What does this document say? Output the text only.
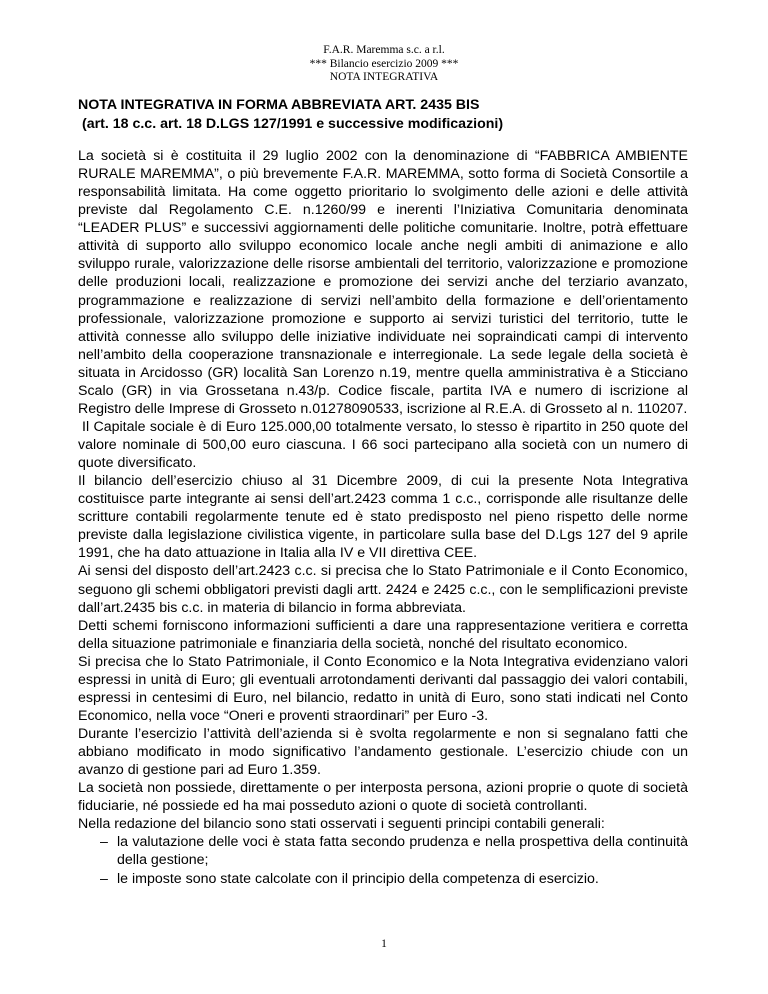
F.A.R. Maremma s.c. a r.l.
*** Bilancio esercizio 2009 ***
NOTA INTEGRATIVA
NOTA INTEGRATIVA IN FORMA ABBREVIATA ART. 2435 BIS
(art. 18 c.c. art. 18 D.LGS 127/1991 e successive modificazioni)

La società si è costituita il 29 luglio 2002 con la denominazione di “FABBRICA AMBIENTE RURALE MAREMMA”, o più brevemente F.A.R. MAREMMA, sotto forma di Società Consortile a responsabilità limitata. Ha come oggetto prioritario lo svolgimento delle azioni e delle attività previste dal Regolamento C.E. n.1260/99 e inerenti l’Iniziativa Comunitaria denominata “LEADER PLUS” e successivi aggiornamenti delle politiche comunitarie. Inoltre, potrà effettuare attività di supporto allo sviluppo economico locale anche negli ambiti di animazione e allo sviluppo rurale, valorizzazione delle risorse ambientali del territorio, valorizzazione e promozione delle produzioni locali, realizzazione e promozione dei servizi anche del terziario avanzato, programmazione e realizzazione di servizi nell’ambito della formazione e dell’orientamento professionale, valorizzazione promozione e supporto ai servizi turistici del territorio, tutte le attività connesse allo sviluppo delle iniziative individuate nei sopraindicati campi di intervento nell’ambito della cooperazione transnazionale e interregionale. La sede legale della società è situata in Arcidosso (GR) località San Lorenzo n.19, mentre quella amministrativa è a Sticciano Scalo (GR) in via Grossetana n.43/p. Codice fiscale, partita IVA e numero di iscrizione al Registro delle Imprese di Grosseto n.01278090533, iscrizione al R.E.A. di Grosseto al n. 110207.

Il Capitale sociale è di Euro 125.000,00 totalmente versato, lo stesso è ripartito in 250 quote del valore nominale di 500,00 euro ciascuna. I 66 soci partecipano alla società con un numero di quote diversificato.

Il bilancio dell’esercizio chiuso al 31 Dicembre 2009, di cui la presente Nota Integrativa costituisce parte integrante ai sensi dell’art.2423 comma 1 c.c., corrisponde alle risultanze delle scritture contabili regolarmente tenute ed è stato predisposto nel pieno rispetto delle norme previste dalla legislazione civilistica vigente, in particolare sulla base del D.Lgs 127 del 9 aprile 1991, che ha dato attuazione in Italia alla IV e VII direttiva CEE.

Ai sensi del disposto dell’art.2423 c.c. si precisa che lo Stato Patrimoniale e il Conto Economico, seguono gli schemi obbligatori previsti dagli artt. 2424 e 2425 c.c., con le semplificazioni previste dall’art.2435 bis c.c. in materia di bilancio in forma abbreviata.

Detti schemi forniscono informazioni sufficienti a dare una rappresentazione veritiera e corretta della situazione patrimoniale e finanziaria della società, nonché del risultato economico.

Si precisa che lo Stato Patrimoniale, il Conto Economico e la Nota Integrativa evidenziano valori espressi in unità di Euro; gli eventuali arrotondamenti derivanti dal passaggio dei valori contabili, espressi in centesimi di Euro, nel bilancio, redatto in unità di Euro, sono stati indicati nel Conto Economico, nella voce “Oneri e proventi straordinari” per Euro -3.

Durante l’esercizio l’attività dell’azienda si è svolta regolarmente e non si segnalano fatti che abbiano modificato in modo significativo l’andamento gestionale. L’esercizio chiude con un avanzo di gestione pari ad Euro 1.359.

La società non possiede, direttamente o per interposta persona, azioni proprie o quote di società fiduciarie, né possiede ed ha mai posseduto azioni o quote di società controllanti.

Nella redazione del bilancio sono stati osservati i seguenti principi contabili generali:

– la valutazione delle voci è stata fatta secondo prudenza e nella prospettiva della continuità della gestione;
– le imposte sono state calcolate con il principio della competenza di esercizio.
1
